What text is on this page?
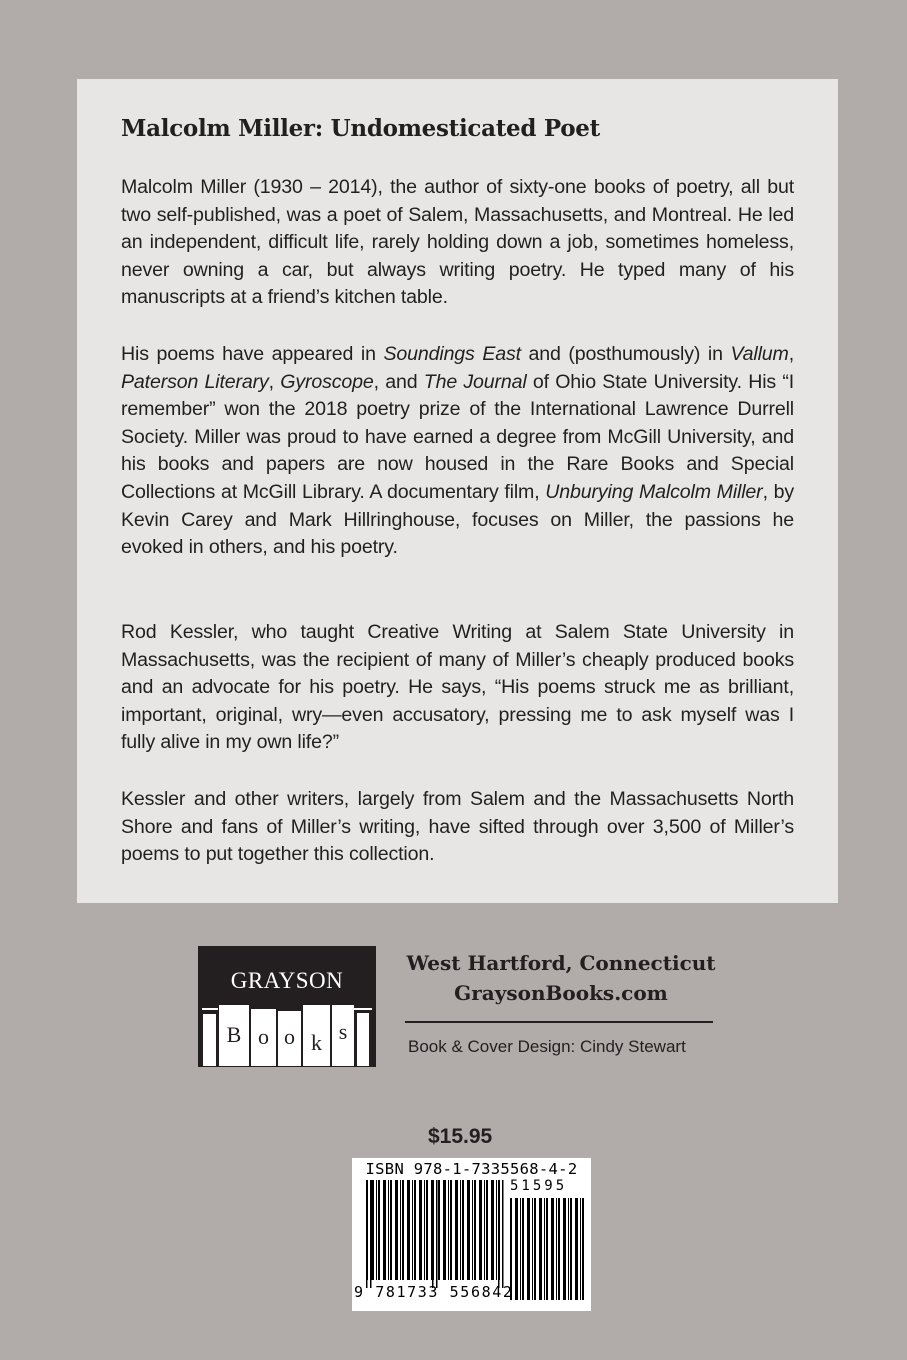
Malcolm Miller: Undomesticated Poet

Malcolm Miller (1930 – 2014), the author of sixty-one books of poetry, all but two self-published, was a poet of Salem, Massachusetts, and Montreal. He led an independent, difficult life, rarely holding down a job, sometimes homeless, never owning a car, but always writing poetry. He typed many of his manuscripts at a friend’s kitchen table.

His poems have appeared in Soundings East and (posthumously) in Vallum, Paterson Literary, Gyroscope, and The Journal of Ohio State University. His “I remember” won the 2018 poetry prize of the International Lawrence Durrell Society. Miller was proud to have earned a degree from McGill University, and his books and papers are now housed in the Rare Books and Special Collections at McGill Library. A documentary film, Unburying Malcolm Miller, by Kevin Carey and Mark Hillringhouse, focuses on Miller, the passions he evoked in others, and his poetry.

Rod Kessler, who taught Creative Writing at Salem State University in Massachusetts, was the recipient of many of Miller’s cheaply produced books and an advocate for his poetry. He says, “His poems struck me as brilliant, important, original, wry—even accusatory, pressing me to ask myself was I fully alive in my own life?”

Kessler and other writers, largely from Salem and the Massachusetts North Shore and fans of Miller’s writing, have sifted through over 3,500 of Miller’s poems to put together this collection.

GRAYSON
B o o k s
West Hartford, Connecticut
GraysonBooks.com
Book & Cover Design: Cindy Stewart
$15.95
ISBN 978-1-7335568-4-2
51595
9 781733 556842
